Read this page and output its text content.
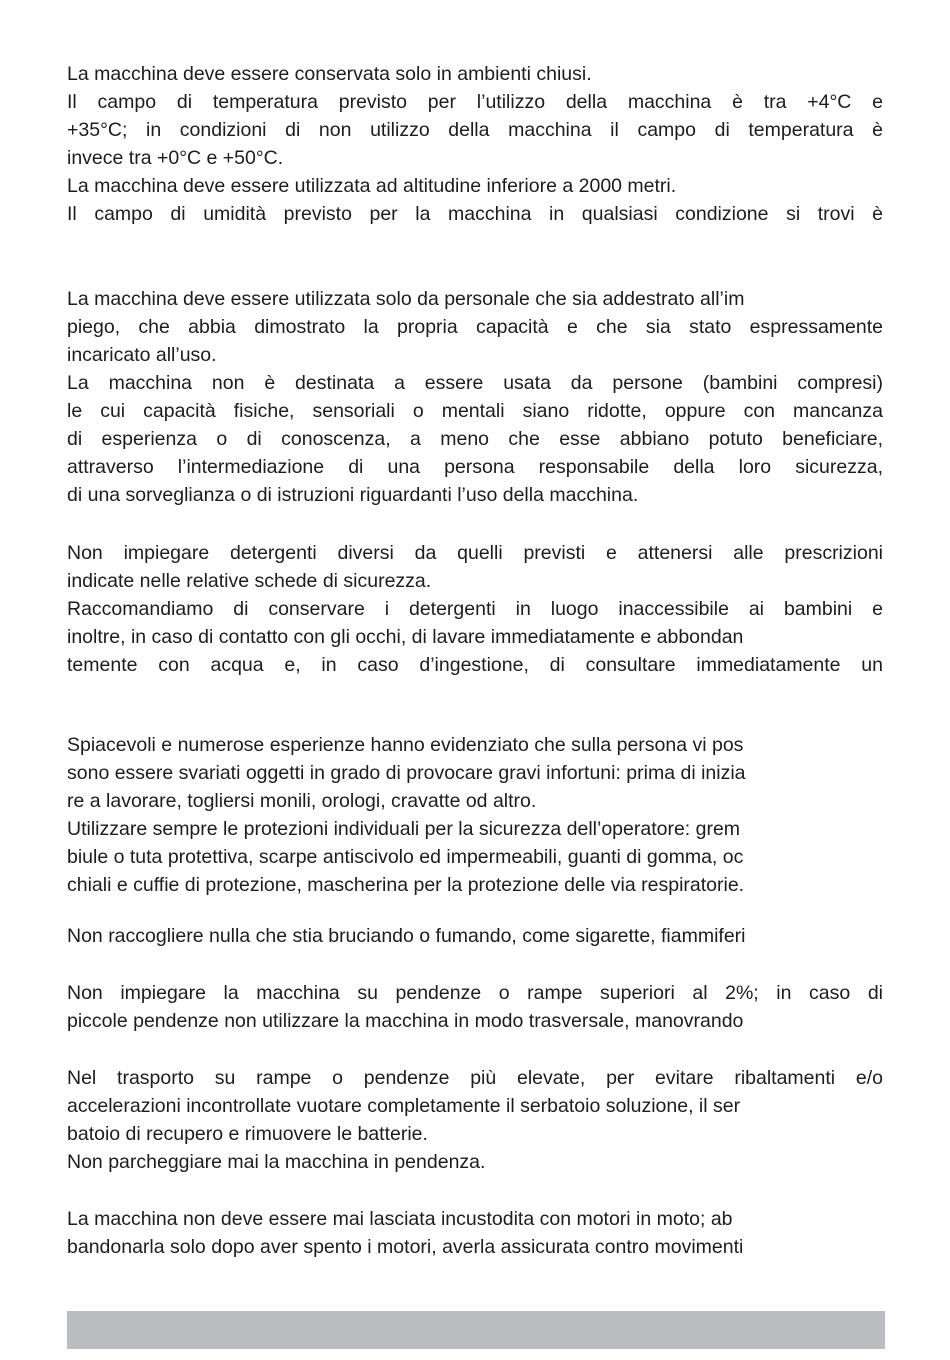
La macchina deve essere conservata solo in ambienti chiusi.
Il campo di temperatura previsto per l’utilizzo della macchina è tra +4°C e
+35°C; in condizioni di non utilizzo della macchina il campo di temperatura è
invece tra +0°C e +50°C.
La macchina deve essere utilizzata ad altitudine inferiore a 2000 metri.
Il campo di umidità previsto per la macchina in qualsiasi condizione si trovi è
La macchina deve essere utilizzata solo da personale che sia addestrato all’im
piego, che abbia dimostrato la propria capacità e che sia stato espressamente
incaricato all’uso.
La macchina non è destinata a essere usata da persone (bambini compresi)
le cui capacità fisiche, sensoriali o mentali siano ridotte, oppure con mancanza
di esperienza o di conoscenza, a meno che esse abbiano potuto beneficiare,
attraverso l’intermediazione di una persona responsabile della loro sicurezza,
di una sorveglianza o di istruzioni riguardanti l’uso della macchina.
Non impiegare detergenti diversi da quelli previsti e attenersi alle prescrizioni
indicate nelle relative schede di sicurezza.
Raccomandiamo di conservare i detergenti in luogo inaccessibile ai bambini e
inoltre, in caso di contatto con gli occhi, di lavare immediatamente e abbondan
temente con acqua e, in caso d’ingestione, di consultare immediatamente un
Spiacevoli e numerose esperienze hanno evidenziato che sulla persona vi pos
sono essere svariati oggetti in grado di provocare gravi infortuni: prima di inizia
re a lavorare, togliersi monili, orologi, cravatte od altro.
Utilizzare sempre le protezioni individuali per la sicurezza dell’operatore: grem
biule o tuta protettiva, scarpe antiscivolo ed impermeabili, guanti di gomma, oc
chiali e cuffie di protezione, mascherina per la protezione delle via respiratorie.
Non raccogliere nulla che stia bruciando o fumando, come sigarette, fiammiferi
Non impiegare la macchina su pendenze o rampe superiori al 2%; in caso di
piccole pendenze non utilizzare la macchina in modo trasversale, manovrando
Nel trasporto su rampe o pendenze più elevate, per evitare ribaltamenti e/o
accelerazioni incontrollate vuotare completamente il serbatoio soluzione, il ser
batoio di recupero e rimuovere le batterie.
Non parcheggiare mai la macchina in pendenza.
La macchina non deve essere mai lasciata incustodita con motori in moto; ab
bandonarla solo dopo aver spento i motori, averla assicurata contro movimenti
